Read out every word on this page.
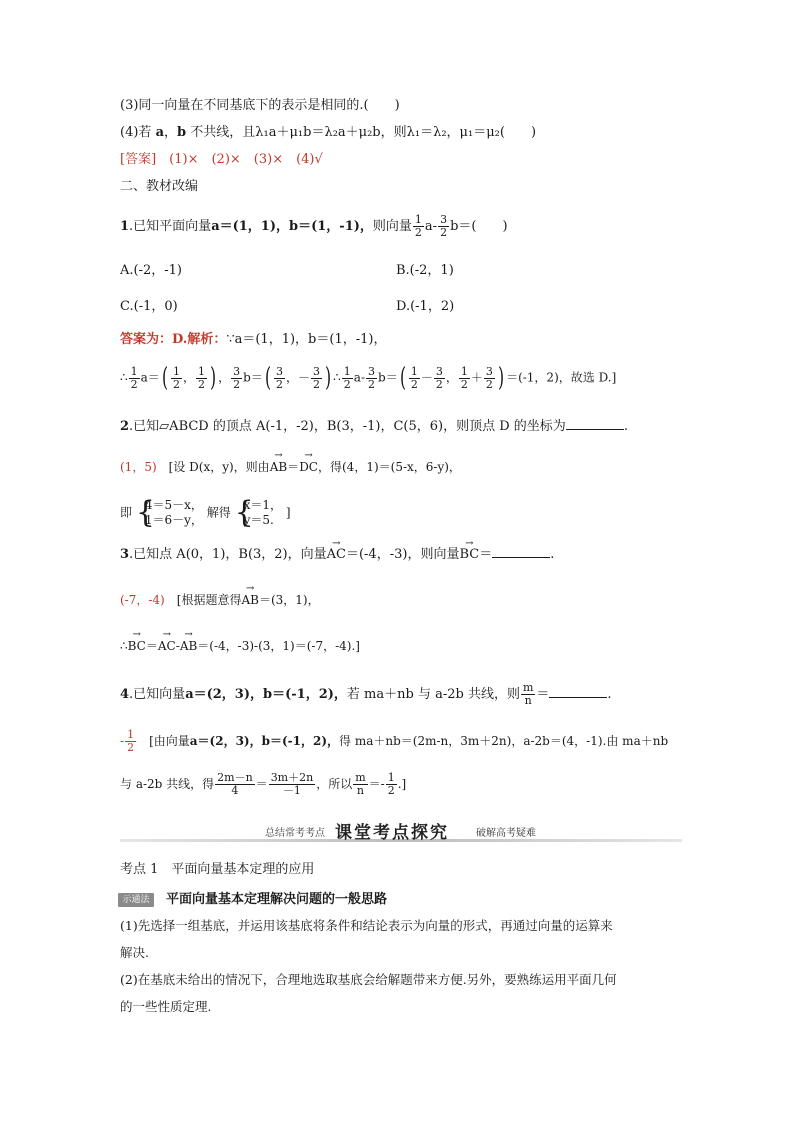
(3)同一向量在不同基底下的表示是相同的.(　　)
(4)若 a，b 不共线，且λ₁a＋μ₁b＝λ₂a＋μ₂b，则λ₁＝λ₂，μ₁＝μ₂(　　)
[答案]　 (1)×　(2)×　(3)×　(4)√
二、教材改编
1.已知平面向量a＝(1，1)，b＝(1，-1)，则向量 $\frac{1}{2} a- \frac{3}{2} b=$(　　)
A.(-2，-1)	B.(-2，1)
C.(-1，0)	D.(-1，2)
答案为：D.解析：∵a＝(1，1)，b＝(1，-1)，
∴ $\frac{1}{2} a=( \frac{1}{2}$ ， $\frac{1}{2}$ ) ， $\frac{3}{2} b=( \frac{3}{2}$ ，－ $\frac{3}{2}$ ) ∴ $\frac{1}{2} a- \frac{3}{2} b=( \frac{1}{2} - \frac{3}{2}$ ， $\frac{1}{2} + \frac{3}{2}$ ) ＝(-1，2)，故选 D.]
2.已知▱ABCD 的顶点 A(-1，-2)，B(3，-1)，C(5，6)，则顶点 D 的坐标为	.
(1，5)　 [设 D(x，y)，则由→ AB＝→ DC，得(4，1)＝(5-x，6-y)，
即
{ 4＝5－x，
1＝6－y，
解得
{ x＝1，
y＝5.
]
3.已知点 A(0，1)，B(3，2)，向量→ AC＝(-4，-3)，则向量→ BC＝	.
(-7，-4)　 [根据题意得→ AB＝(3，1)，
∴→ BC＝→ AC-→ AB＝(-4，-3)-(3，1)＝(-7，-4).]
4.已知向量a＝(2，3)，b＝(-1，2)，若 ma＋nb 与 a-2b 共线，则 $\frac{m}{n}$ ＝	.
- $\frac{1}{2}$
　 [由向量a＝(2，3)，b＝(-1，2)，得 ma＋nb＝(2m-n，3m＋2n)，a-2b＝(4，-1).由 ma＋nb
与 a-2b 共线，得 $\frac{2m-n}{4} = \frac{3m+2n}{-1}$ ，所以 $\frac{m}{n} =- \frac{1}{2}$ .]
总结常考考点 课堂考点探究	破解高考疑难
考点 1　平面向量基本定理的应用
示通法 平面向量基本定理解决问题的一般思路
(1)先选择一组基底，并运用该基底将条件和结论表示为向量的形式，再通过向量的运算来
解决.
(2)在基底未给出的情况下，合理地选取基底会给解题带来方便.另外，要熟练运用平面几何
的一些性质定理.
